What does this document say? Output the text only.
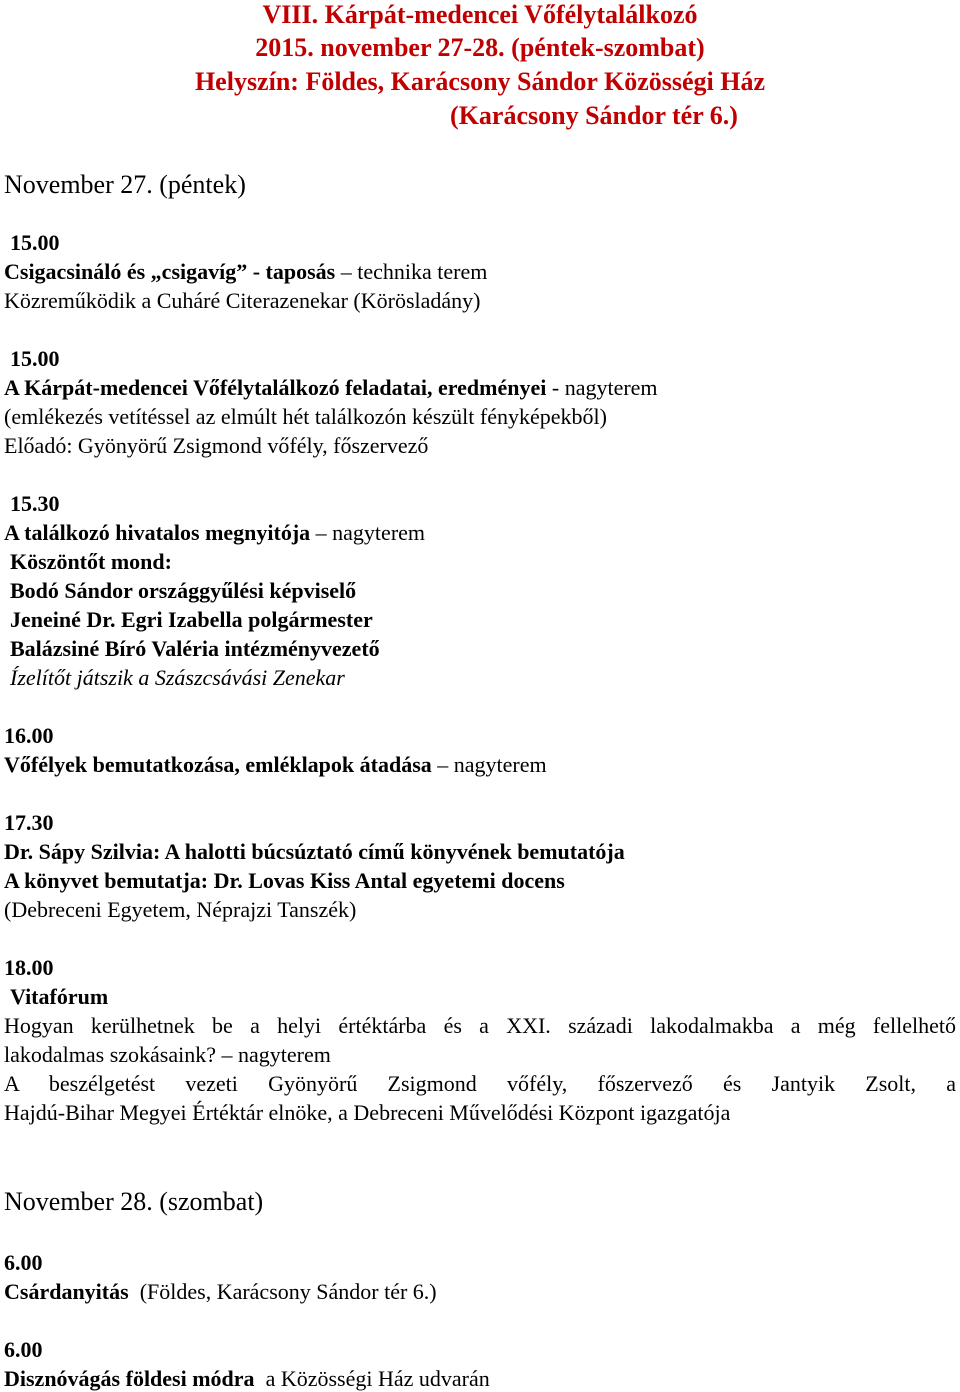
VIII. Kárpát-medencei Vőfélytalálkozó
2015. november 27-28. (péntek-szombat)
Helyszín: Földes, Karácsony Sándor Közösségi Ház
(Karácsony Sándor tér 6.)
November 27. (péntek)
15.00
Csigacsináló és „csigavíg” - taposás – technika terem
Közreműködik a Cuháré Citerazenekar (Körösladány)
15.00
A Kárpát-medencei Vőfélytalálkozó feladatai, eredményei - nagyterem
(emlékezés vetítéssel az elmúlt hét találkozón készült fényképekből)
Előadó: Gyönyörű Zsigmond vőfély, főszervező
15.30
A találkozó hivatalos megnyitója – nagyterem
Köszöntőt mond:
Bodó Sándor országgyűlési képviselő
Jeneiné Dr. Egri Izabella polgármester
Balázsiné Bíró Valéria intézményvezető
Ízelítőt játszik a Szászcsávási Zenekar
16.00
Vőfélyek bemutatkozása, emléklapok átadása – nagyterem
17.30
Dr. Sápy Szilvia: A halotti búcsúztató című könyvének bemutatója
A könyvet bemutatja: Dr. Lovas Kiss Antal egyetemi docens
(Debreceni Egyetem, Néprajzi Tanszék)
18.00
Vitafórum
Hogyan kerülhetnek be a helyi értéktárba és a XXI. századi lakodalmakba a még fellelhető
lakodalmas szokásaink? – nagyterem
A beszélgetést vezeti Gyönyörű Zsigmond vőfély, főszervező és Jantyik Zsolt, a
Hajdú-Bihar Megyei Értéktár elnöke, a Debreceni Művelődési Központ igazgatója
November 28. (szombat)
6.00
Csárdanyitás  (Földes, Karácsony Sándor tér 6.)
6.00
Disznóvágás földesi módra  a Közösségi Ház udvarán
